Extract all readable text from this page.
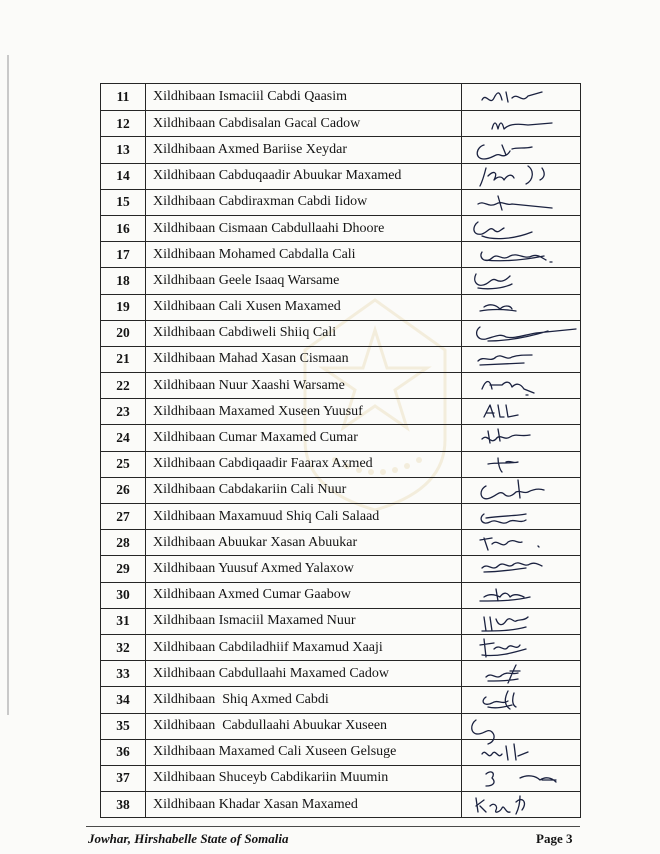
11	Xildhibaan Ismaciil Cabdi Qaasim
12	Xildhibaan Cabdisalan Gacal Cadow
13	Xildhibaan Axmed Bariise Xeydar
14	Xildhibaan Cabduqaadir Abuukar Maxamed
15	Xildhibaan Cabdiraxman Cabdi Iidow
16	Xildhibaan Cismaan Cabdullaahi Dhoore
17	Xildhibaan Mohamed Cabdalla Cali
18	Xildhibaan Geele Isaaq Warsame
19	Xildhibaan Cali Xusen Maxamed
20	Xildhibaan Cabdiweli Shiiq Cali
21	Xildhibaan Mahad Xasan Cismaan
22	Xildhibaan Nuur Xaashi Warsame
23	Xildhibaan Maxamed Xuseen Yuusuf
24	Xildhibaan Cumar Maxamed Cumar
25	Xildhibaan Cabdiqaadir Faarax Axmed
26	Xildhibaan Cabdakariin Cali Nuur
27	Xildhibaan Maxamuud Shiq Cali Salaad
28	Xildhibaan Abuukar Xasan Abuukar
29	Xildhibaan Yuusuf Axmed Yalaxow
30	Xildhibaan Axmed Cumar Gaabow
31	Xildhibaan Ismaciil Maxamed Nuur
32	Xildhibaan Cabdiladhiif Maxamud Xaaji
33	Xildhibaan Cabdullaahi Maxamed Cadow
34	Xildhibaan  Shiq Axmed Cabdi
35	Xildhibaan  Cabdullaahi Abuukar Xuseen
36	Xildhibaan Maxamed Cali Xuseen Gelsuge
37	Xildhibaan Shuceyb Cabdikariin Muumin
38	Xildhibaan Khadar Xasan Maxamed
Jowhar, Hirshabelle State of Somalia	Page 3
